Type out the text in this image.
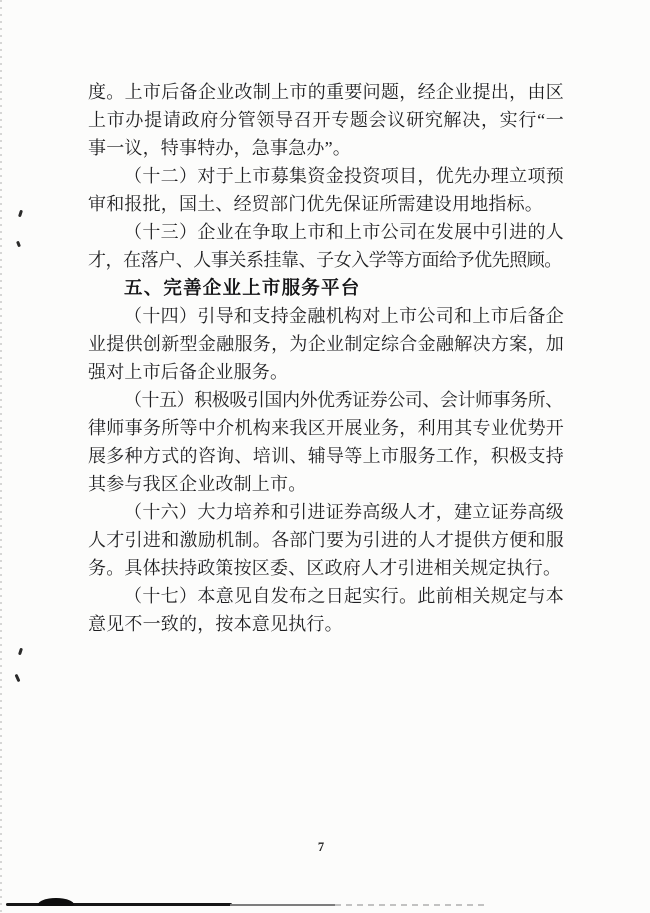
度。上市后备企业改制上市的重要问题，经企业提出，由区

上市办提请政府分管领导召开专题会议研究解决，实行“一

事一议，特事特办，急事急办”。

（十二）对于上市募集资金投资项目，优先办理立项预

审和报批，国土、经贸部门优先保证所需建设用地指标。

（十三）企业在争取上市和上市公司在发展中引进的人

才，在落户、人事关系挂靠、子女入学等方面给予优先照顾。

五、完善企业上市服务平台

（十四）引导和支持金融机构对上市公司和上市后备企

业提供创新型金融服务，为企业制定综合金融解决方案，加

强对上市后备企业服务。

（十五）积极吸引国内外优秀证券公司、会计师事务所、

律师事务所等中介机构来我区开展业务，利用其专业优势开

展多种方式的咨询、培训、辅导等上市服务工作，积极支持

其参与我区企业改制上市。

（十六）大力培养和引进证券高级人才，建立证券高级

人才引进和激励机制。各部门要为引进的人才提供方便和服

务。具体扶持政策按区委、区政府人才引进相关规定执行。

（十七）本意见自发布之日起实行。此前相关规定与本

意见不一致的，按本意见执行。

7
